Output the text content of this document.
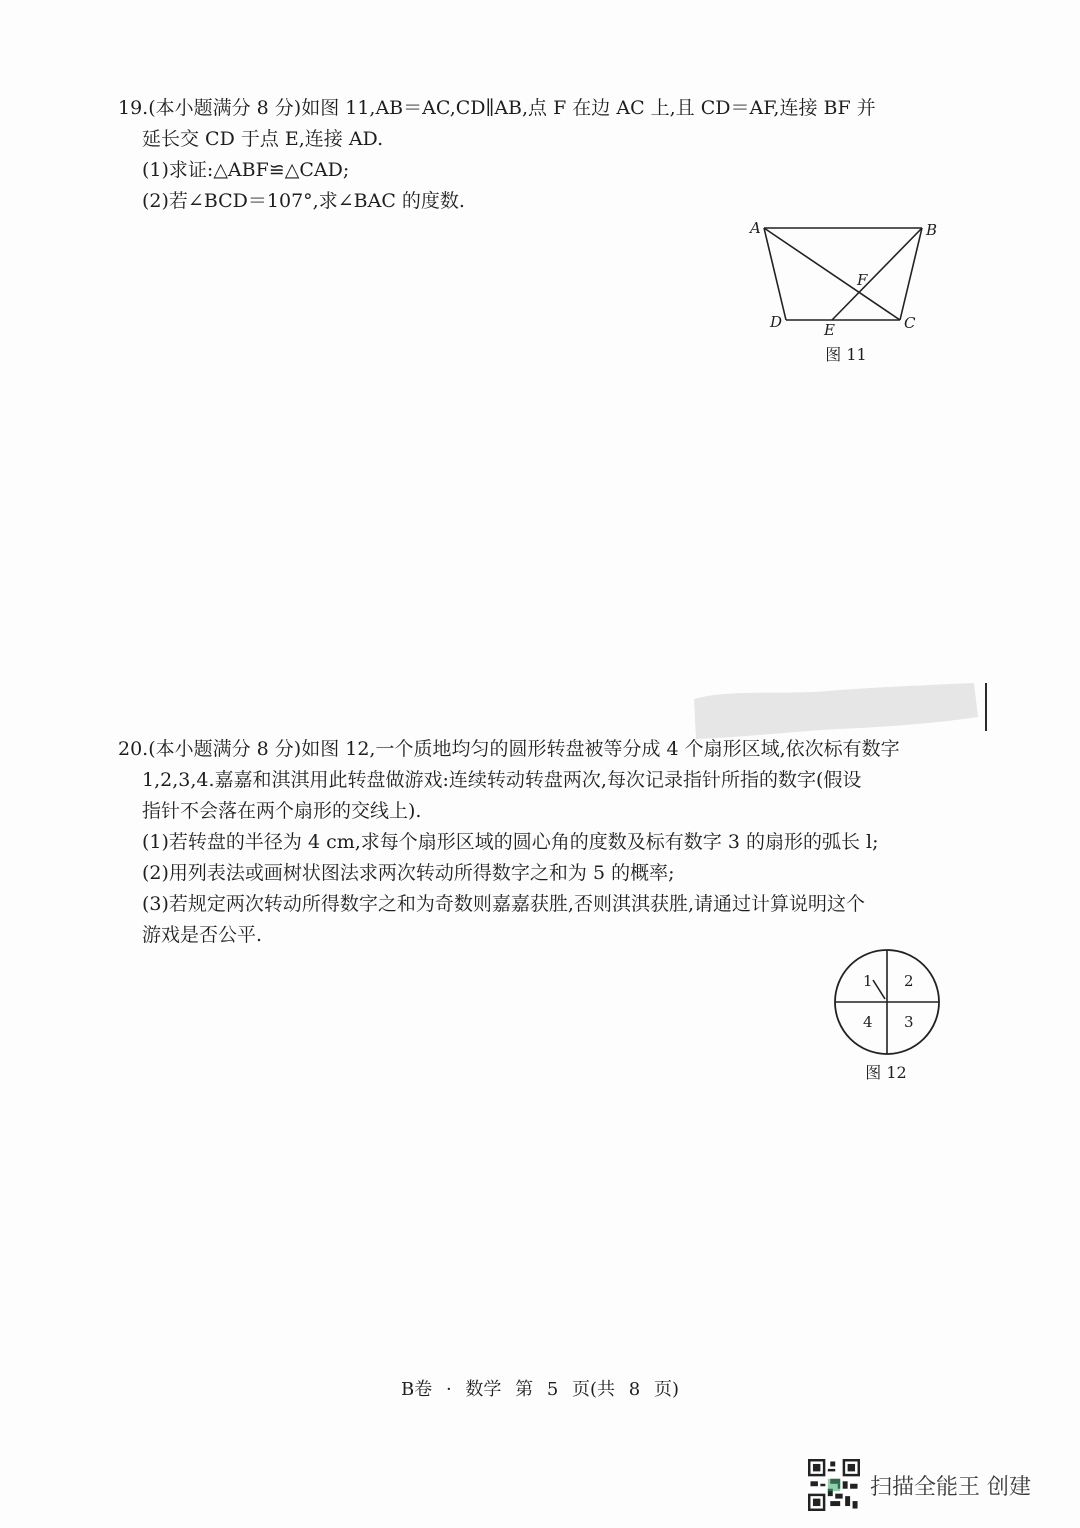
19.(本小题满分 8 分)如图 11,AB＝AC,CD∥AB,点 F 在边 AC 上,且 CD＝AF,连接 BF 并

延长交 CD 于点 E,连接 AD.

(1)求证:△ABF≌△CAD;

(2)若∠BCD＝107°,求∠BAC 的度数.

A	B
C
D	E
F
图 11

20.(本小题满分 8 分)如图 12,一个质地均匀的圆形转盘被等分成 4 个扇形区域,依次标有数字

1,2,3,4.嘉嘉和淇淇用此转盘做游戏:连续转动转盘两次,每次记录指针所指的数字(假设

指针不会落在两个扇形的交线上).

(1)若转盘的半径为 4 cm,求每个扇形区域的圆心角的度数及标有数字 3 的扇形的弧长 l;

(2)用列表法或画树状图法求两次转动所得数字之和为 5 的概率;

(3)若规定两次转动所得数字之和为奇数则嘉嘉获胜,否则淇淇获胜,请通过计算说明这个

游戏是否公平.

1 2
3
4
图 12
B卷 · 数学 第 5 页(共 8 页)
扫描全能王 创建
